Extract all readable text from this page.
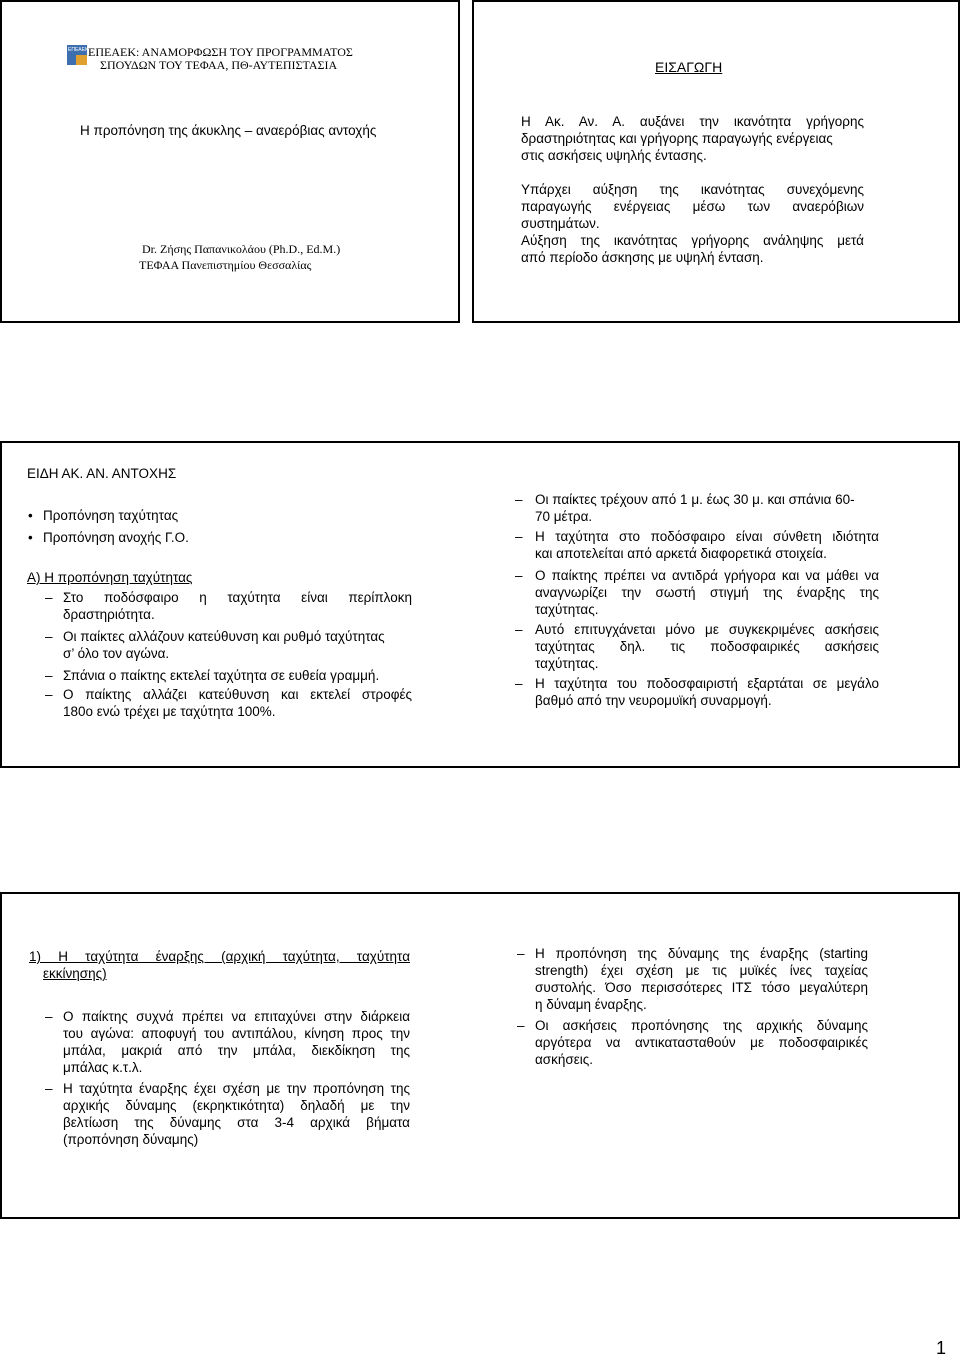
ΕΠΕΑΕΚ ΕΠΕΑΕΚ: ΑΝΑΜΟΡΦΩΣΗ ΤΟΥ ΠΡΟΓΡΑΜΜΑΤΟΣ
ΣΠΟΥΔΩΝ ΤΟΥ ΤΕΦΑΑ, ΠΘ-ΑΥΤΕΠΙΣΤΑΣΙΑ
Η προπόνηση της άκυκλης – αναερόβιας αντοχής
Dr. Ζήσης Παπανικολάου (Ph.D., Ed.M.)
ΤΕΦΑΑ Πανεπιστημίου Θεσσαλίας
ΕΙΣΑΓΩΓΗ
Η Ακ. Αν. Α. αυξάνει την ικανότητα γρήγορης
δραστηριότητας και γρήγορης παραγωγής ενέργειας
στις ασκήσεις υψηλής έντασης.
Υπάρχει αύξηση της ικανότητας συνεχόμενης
παραγωγής ενέργειας μέσω των αναερόβιων
συστημάτων.
Αύξηση της ικανότητας γρήγορης ανάληψης μετά
από περίοδο άσκησης με υψηλή ένταση.
ΕΙΔΗ ΑΚ. ΑΝ. ΑΝΤΟΧΗΣ
• Προπόνηση ταχύτητας
• Προπόνηση ανοχής Γ.Ο.
Α) Η προπόνηση ταχύτητας
– Στο ποδόσφαιρο η ταχύτητα είναι περίπλοκη
δραστηριότητα.
– Οι παίκτες αλλάζουν κατεύθυνση και ρυθμό ταχύτητας
σ’ όλο τον αγώνα.
– Σπάνια ο παίκτης εκτελεί ταχύτητα σε ευθεία γραμμή.
– Ο παίκτης αλλάζει κατεύθυνση και εκτελεί στροφές
180ο ενώ τρέχει με ταχύτητα 100%.
– Οι παίκτες τρέχουν από 1 μ. έως 30 μ. και σπάνια 60-
70 μέτρα.
– Η ταχύτητα στο ποδόσφαιρο είναι σύνθετη ιδιότητα
και αποτελείται από αρκετά διαφορετικά στοιχεία.
– Ο παίκτης πρέπει να αντιδρά γρήγορα και να μάθει να
αναγνωρίζει την σωστή στιγμή της έναρξης της
ταχύτητας.
– Αυτό επιτυγχάνεται μόνο με συγκεκριμένες ασκήσεις
ταχύτητας δηλ. τις ποδοσφαιρικές ασκήσεις
ταχύτητας.
– Η ταχύτητα του ποδοσφαιριστή εξαρτάται σε μεγάλο
βαθμό από την νευρομυϊκή συναρμογή.
1) Η ταχύτητα έναρξης (αρχική ταχύτητα, ταχύτητα
εκκίνησης)
– Ο παίκτης συχνά πρέπει να επιταχύνει στην διάρκεια
του αγώνα: αποφυγή του αντιπάλου, κίνηση προς την
μπάλα, μακριά από την μπάλα, διεκδίκηση της
μπάλας κ.τ.λ.
– Η ταχύτητα έναρξης έχει σχέση με την προπόνηση της
αρχικής δύναμης (εκρηκτικότητα) δηλαδή με την
βελτίωση της δύναμης στα 3-4 αρχικά βήματα
(προπόνηση δύναμης)
– Η προπόνηση της δύναμης της έναρξης (starting
strength) έχει σχέση με τις μυϊκές ίνες ταχείας
συστολής. Όσο περισσότερες ΙΤΣ τόσο μεγαλύτερη
η δύναμη έναρξης.
– Οι ασκήσεις προπόνησης της αρχικής δύναμης
αργότερα να αντικατασταθούν με ποδοσφαιρικές
ασκήσεις.
1
